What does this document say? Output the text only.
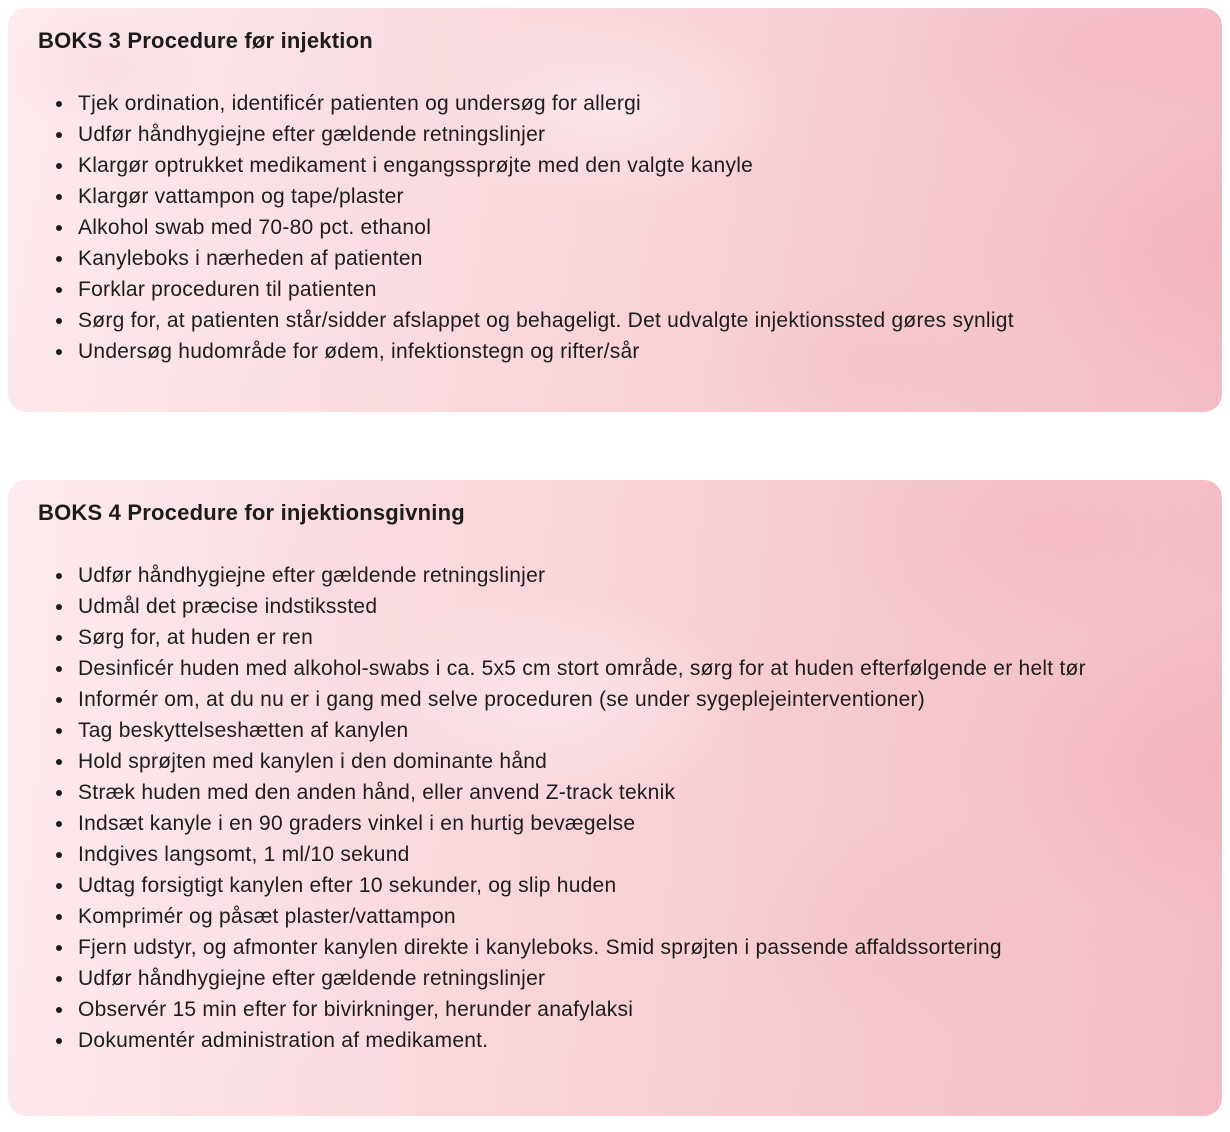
BOKS 3 Procedure før injektion
Tjek ordination, identificér patienten og undersøg for allergi
Udfør håndhygiejne efter gældende retningslinjer
Klargør optrukket medikament i engangssprøjte med den valgte kanyle
Klargør vattampon og tape/plaster
Alkohol swab med 70-80 pct. ethanol
Kanyleboks i nærheden af patienten
Forklar proceduren til patienten
Sørg for, at patienten står/sidder afslappet og behageligt. Det udvalgte injektionssted gøres synligt
Undersøg hudområde for ødem, infektionstegn og rifter/sår
BOKS 4 Procedure for injektionsgivning
Udfør håndhygiejne efter gældende retningslinjer
Udmål det præcise indstikssted
Sørg for, at huden er ren
Desinficér huden med alkohol-swabs i ca. 5x5 cm stort område, sørg for at huden efterfølgende er helt tør
Informér om, at du nu er i gang med selve proceduren (se under sygeplejeinterventioner)
Tag beskyttelseshætten af kanylen
Hold sprøjten med kanylen i den dominante hånd
Stræk huden med den anden hånd, eller anvend Z-track teknik
Indsæt kanyle i en 90 graders vinkel i en hurtig bevægelse
Indgives langsomt, 1 ml/10 sekund
Udtag forsigtigt kanylen efter 10 sekunder, og slip huden
Komprimér og påsæt plaster/vattampon
Fjern udstyr, og afmonter kanylen direkte i kanyleboks. Smid sprøjten i passende affaldssortering
Udfør håndhygiejne efter gældende retningslinjer
Observér 15 min efter for bivirkninger, herunder anafylaksi
Dokumentér administration af medikament.
